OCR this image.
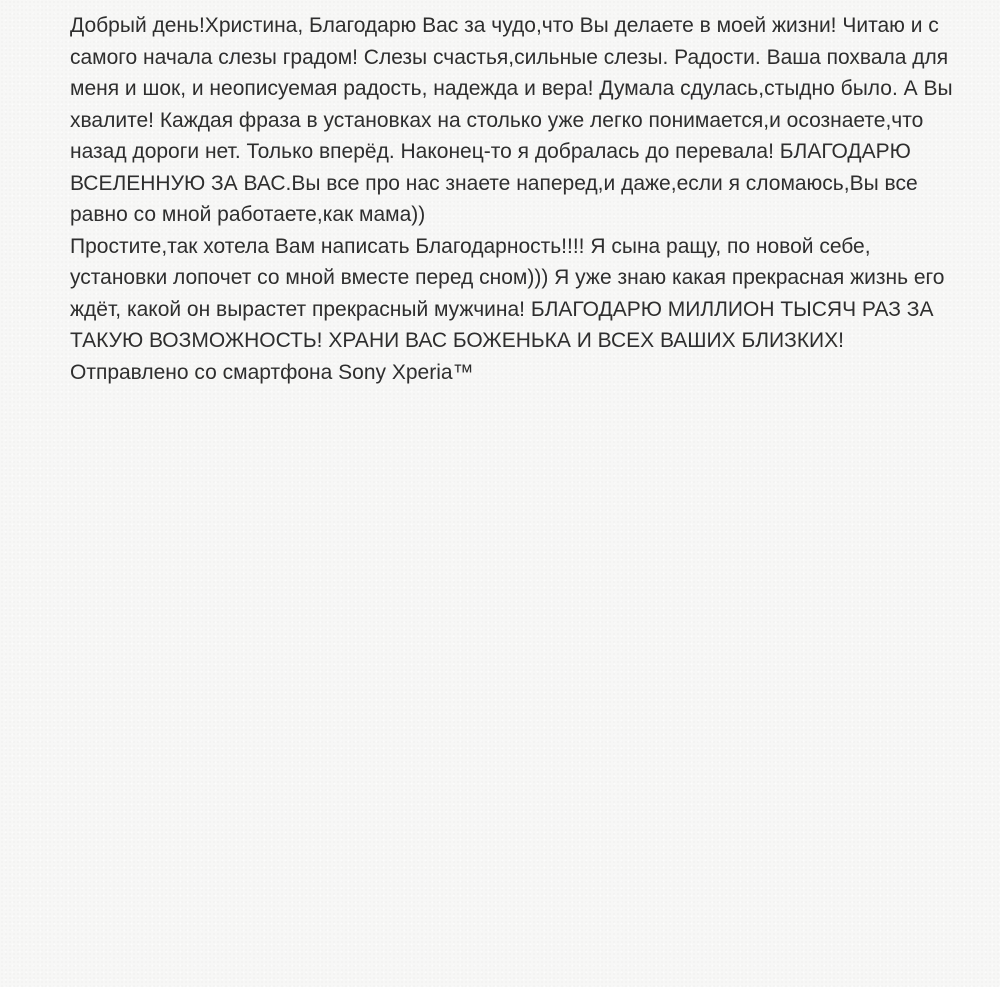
Добрый день!Христина, Благодарю Вас за чудо,что Вы делаете в моей жизни! Читаю и с самого начала слезы градом! Слезы счастья,сильные слезы. Радости. Ваша похвала для меня и шок, и неописуемая радость, надежда и вера! Думала сдулась,стыдно было. А Вы хвалите! Каждая фраза в установках на столько уже легко понимается,и осознаете,что назад дороги нет. Только вперёд. Наконец-то я добралась до перевала! БЛАГОДАРЮ ВСЕЛЕННУЮ ЗА ВАС.Вы все про нас знаете наперед,и даже,если я сломаюсь,Вы все равно со мной работаете,как мама))

Простите,так хотела Вам написать Благодарность!!!! Я сына ращу, по новой себе, установки лопочет со мной вместе перед сном))) Я уже знаю какая прекрасная жизнь его ждёт, какой он вырастет прекрасный мужчина! БЛАГОДАРЮ МИЛЛИОН ТЫСЯЧ РАЗ ЗА ТАКУЮ ВОЗМОЖНОСТЬ! ХРАНИ ВАС БОЖЕНЬКА И ВСЕХ ВАШИХ БЛИЗКИХ!

Отправлено со смартфона Sony Xperia™
